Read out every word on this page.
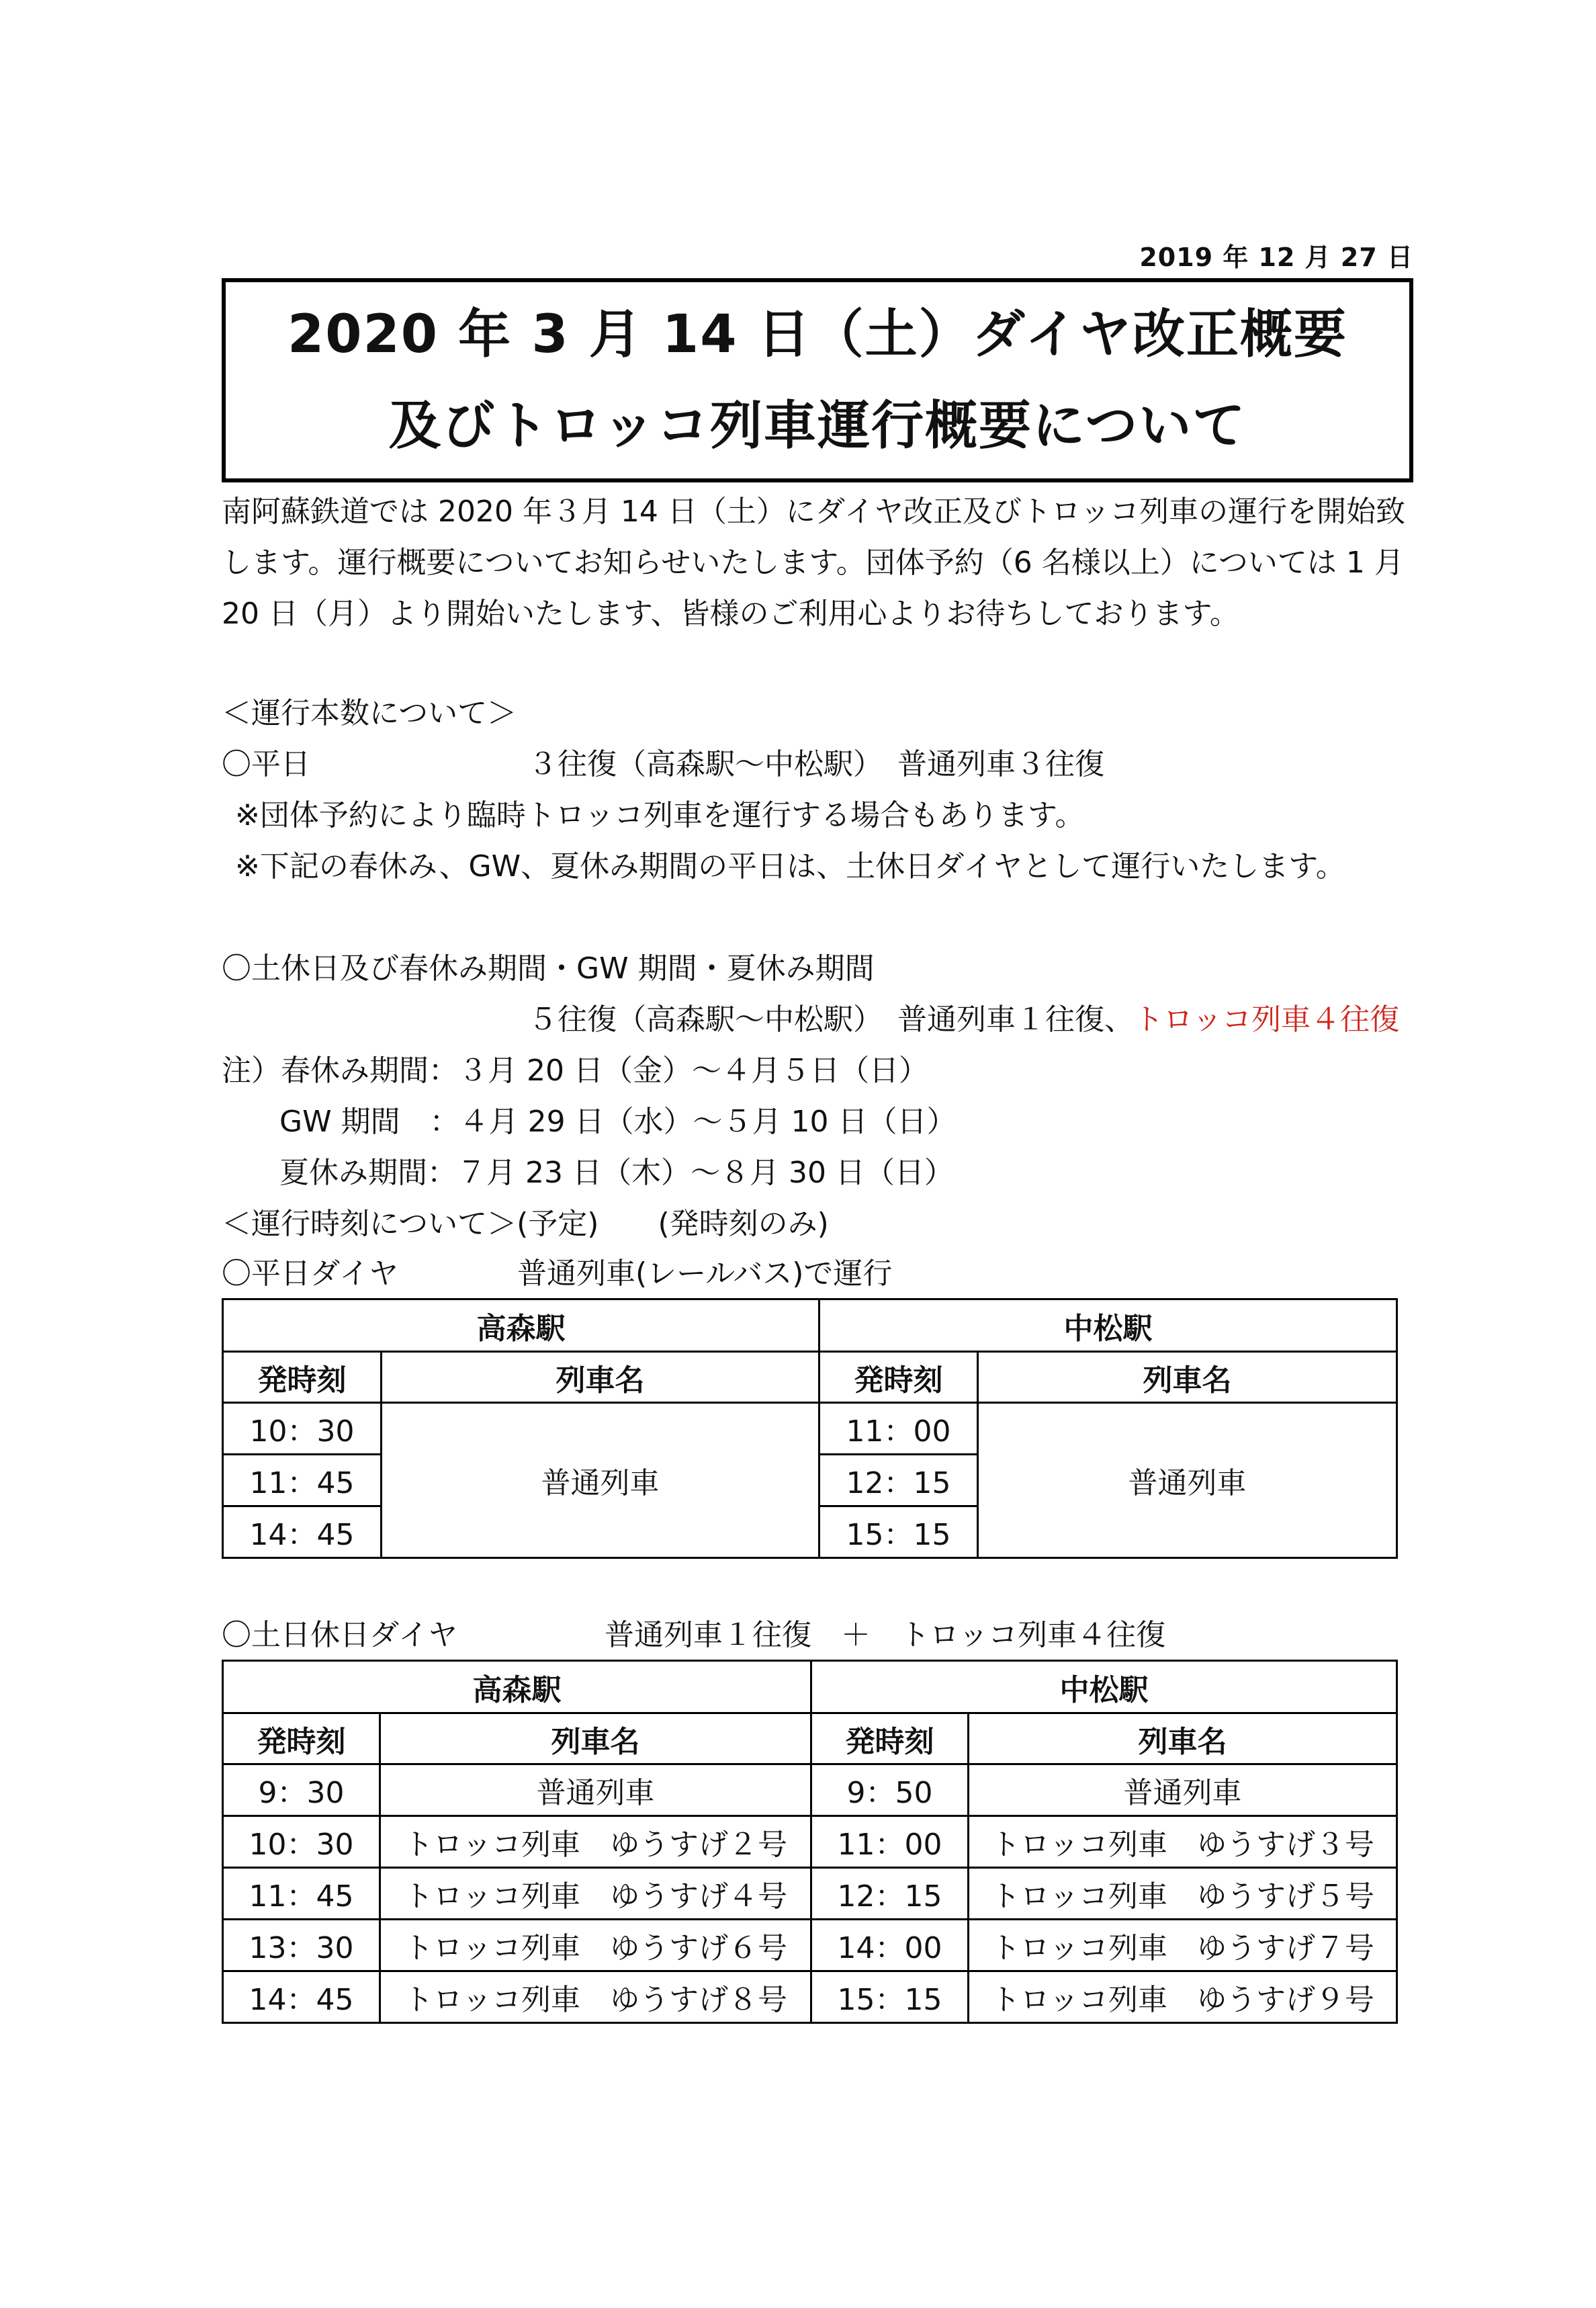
2019 年 12 月 27 日
2020 年 3 月 14 日（土）ダイヤ改正概要
及びトロッコ列車運行概要について
南阿蘇鉄道では 2020 年３月 14 日（土）にダイヤ改正及びトロッコ列車の運行を開始致
します。運行概要についてお知らせいたします。団体予約（6 名様以上）については 1 月
20 日（月）より開始いたします、皆様のご利用心よりお待ちしております。
＜運行本数について＞
〇平日	３往復（高森駅～中松駅）　普通列車３往復
※団体予約により臨時トロッコ列車を運行する場合もあります。
※下記の春休み、GW、夏休み期間の平日は、土休日ダイヤとして運行いたします。
〇土休日及び春休み期間・GW 期間・夏休み期間
５往復（高森駅～中松駅）　普通列車１往復、トロッコ列車４往復
注）春休み期間：３月 20 日（金）～４月５日（日）
GW 期間　：４月 29 日（水）～５月 10 日（日）
夏休み期間：７月 23 日（木）～８月 30 日（日）
＜運行時刻について＞(予定)　　(発時刻のみ)
〇平日ダイヤ	普通列車(レールバス)で運行
高森駅		中松駅	
発時刻	列車名	発時刻	列車名
10：30	普通列車	11：00	普通列車
11：45		12：15	
14：45		15：15	
〇土日休日ダイヤ	普通列車１往復　＋　トロッコ列車４往復
高森駅		中松駅	
発時刻	列車名	発時刻	列車名
9：30	普通列車	9：50	普通列車
10：30	トロッコ列車　ゆうすげ２号	11：00	トロッコ列車　ゆうすげ３号
11：45	トロッコ列車　ゆうすげ４号	12：15	トロッコ列車　ゆうすげ５号
13：30	トロッコ列車　ゆうすげ６号	14：00	トロッコ列車　ゆうすげ７号
14：45	トロッコ列車　ゆうすげ８号	15：15	トロッコ列車　ゆうすげ９号
